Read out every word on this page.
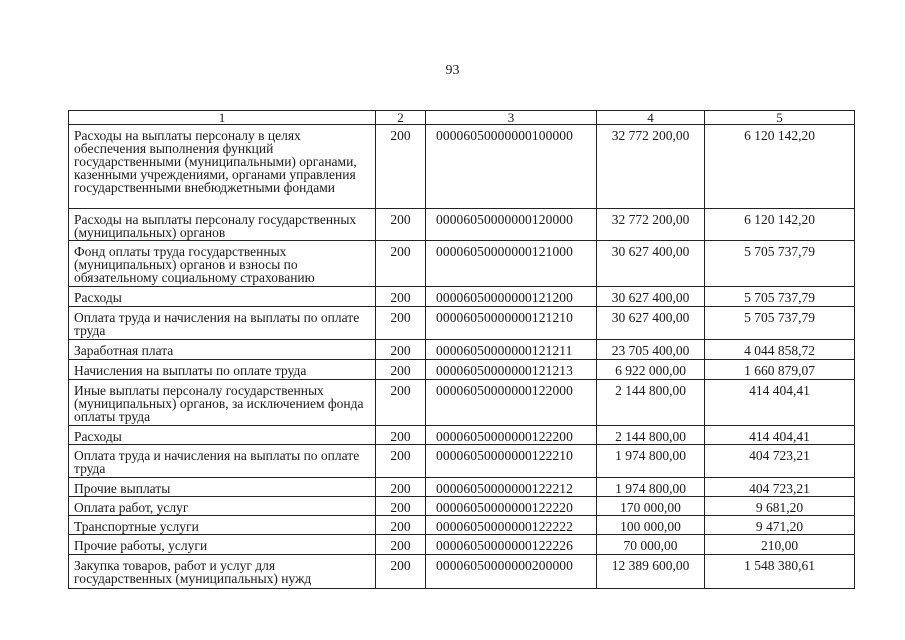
93
1	2	3	4	5
Расходы на выплаты персоналу в целях обеспечения выполнения функций государственными (муниципальными) органами, казенными учреждениями, органами управления государственными внебюджетными фондами	200	00006050000000100000	32 772 200,00	6 120 142,20
Расходы на выплаты персоналу государственных (муниципальных) органов	200	00006050000000120000	32 772 200,00	6 120 142,20
Фонд оплаты труда государственных (муниципальных) органов и взносы по обязательному социальному страхованию	200	00006050000000121000	30 627 400,00	5 705 737,79
Расходы	200	00006050000000121200	30 627 400,00	5 705 737,79
Оплата труда и начисления на выплаты по оплате труда	200	00006050000000121210	30 627 400,00	5 705 737,79
Заработная плата	200	00006050000000121211	23 705 400,00	4 044 858,72
Начисления на выплаты по оплате труда	200	00006050000000121213	6 922 000,00	1 660 879,07
Иные выплаты персоналу государственных (муниципальных) органов, за исключением фонда оплаты труда	200	00006050000000122000	2 144 800,00	414 404,41
Расходы	200	00006050000000122200	2 144 800,00	414 404,41
Оплата труда и начисления на выплаты по оплате труда	200	00006050000000122210	1 974 800,00	404 723,21
Прочие выплаты	200	00006050000000122212	1 974 800,00	404 723,21
Оплата работ, услуг	200	00006050000000122220	170 000,00	9 681,20
Транспортные услуги	200	00006050000000122222	100 000,00	9 471,20
Прочие работы, услуги	200	00006050000000122226	70 000,00	210,00
Закупка товаров, работ и услуг для государственных (муниципальных) нужд	200	00006050000000200000	12 389 600,00	1 548 380,61
